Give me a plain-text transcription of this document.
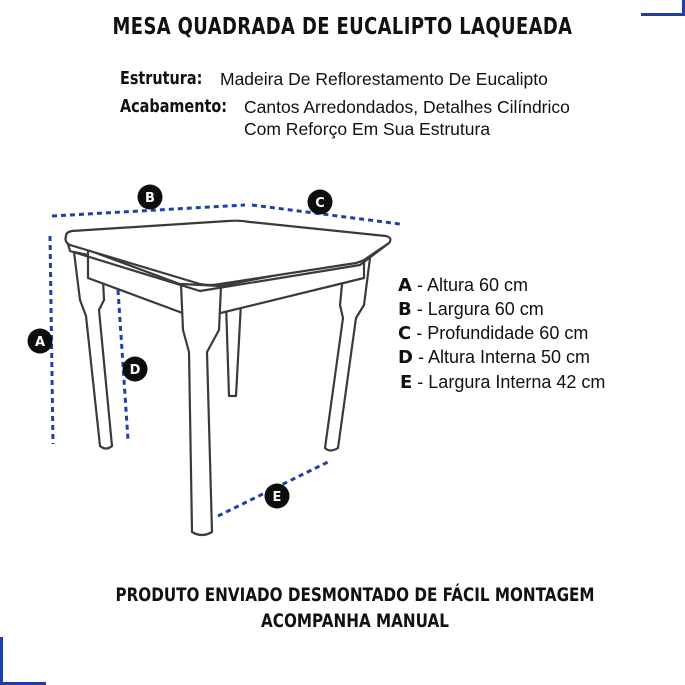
MESA QUADRADA DE EUCALIPTO LAQUEADA
Estrutura: Madeira De Reflorestamento De Eucalipto
Acabamento: Cantos Arredondados, Detalhes Cilíndrico
Com Reforço Em Sua Estrutura
A
B	C
D
E
A - Altura 60 cm
B - Largura 60 cm
C - Profundidade 60 cm
D - Altura Interna 50 cm
E - Largura Interna 42 cm
PRODUTO ENVIADO DESMONTADO DE FÁCIL MONTAGEM
ACOMPANHA MANUAL
